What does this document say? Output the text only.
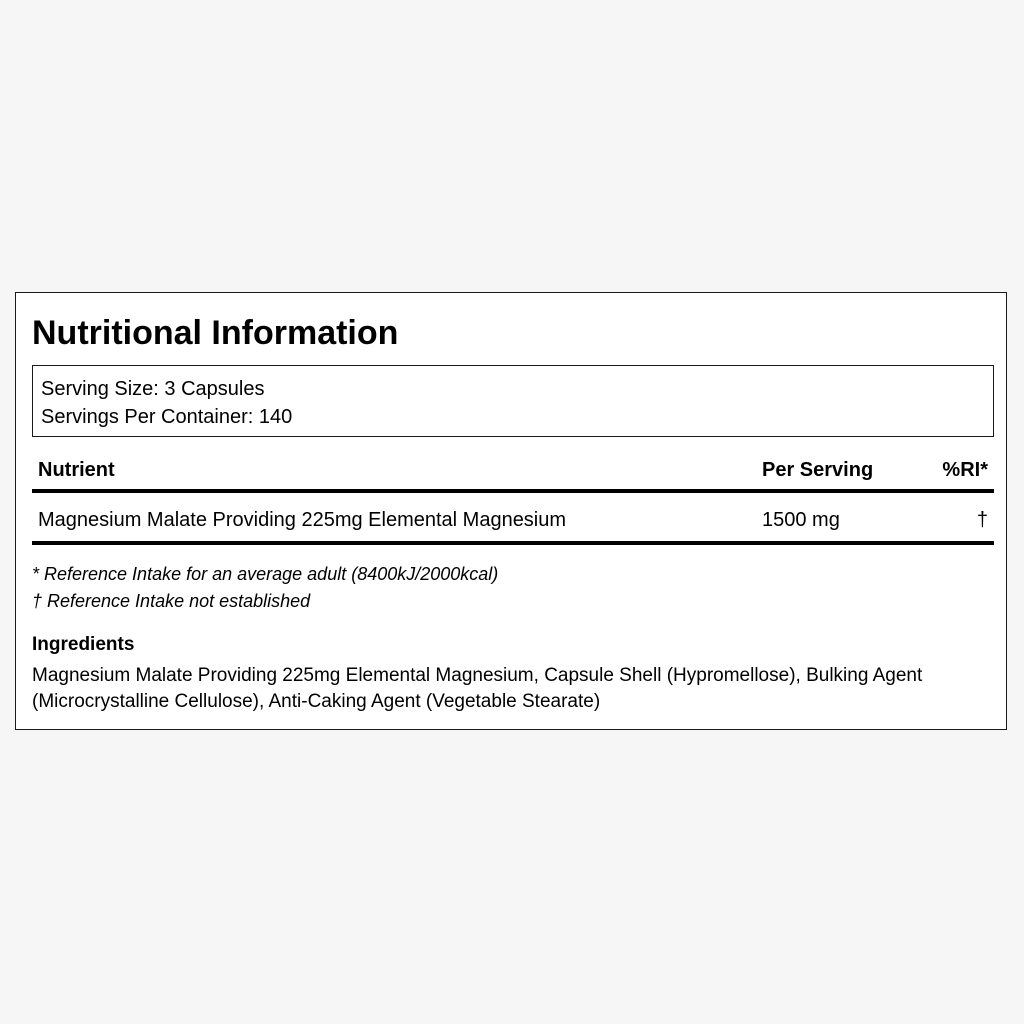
Nutritional Information
Serving Size: 3 Capsules
Servings Per Container: 140
Nutrient	Per Serving	%RI*
Magnesium Malate Providing 225mg Elemental Magnesium	1500 mg	†
* Reference Intake for an average adult (8400kJ/2000kcal)
† Reference Intake not established
Ingredients
Magnesium Malate Providing 225mg Elemental Magnesium, Capsule Shell (Hypromellose), Bulking Agent (Microcrystalline Cellulose), Anti-Caking Agent (Vegetable Stearate)
